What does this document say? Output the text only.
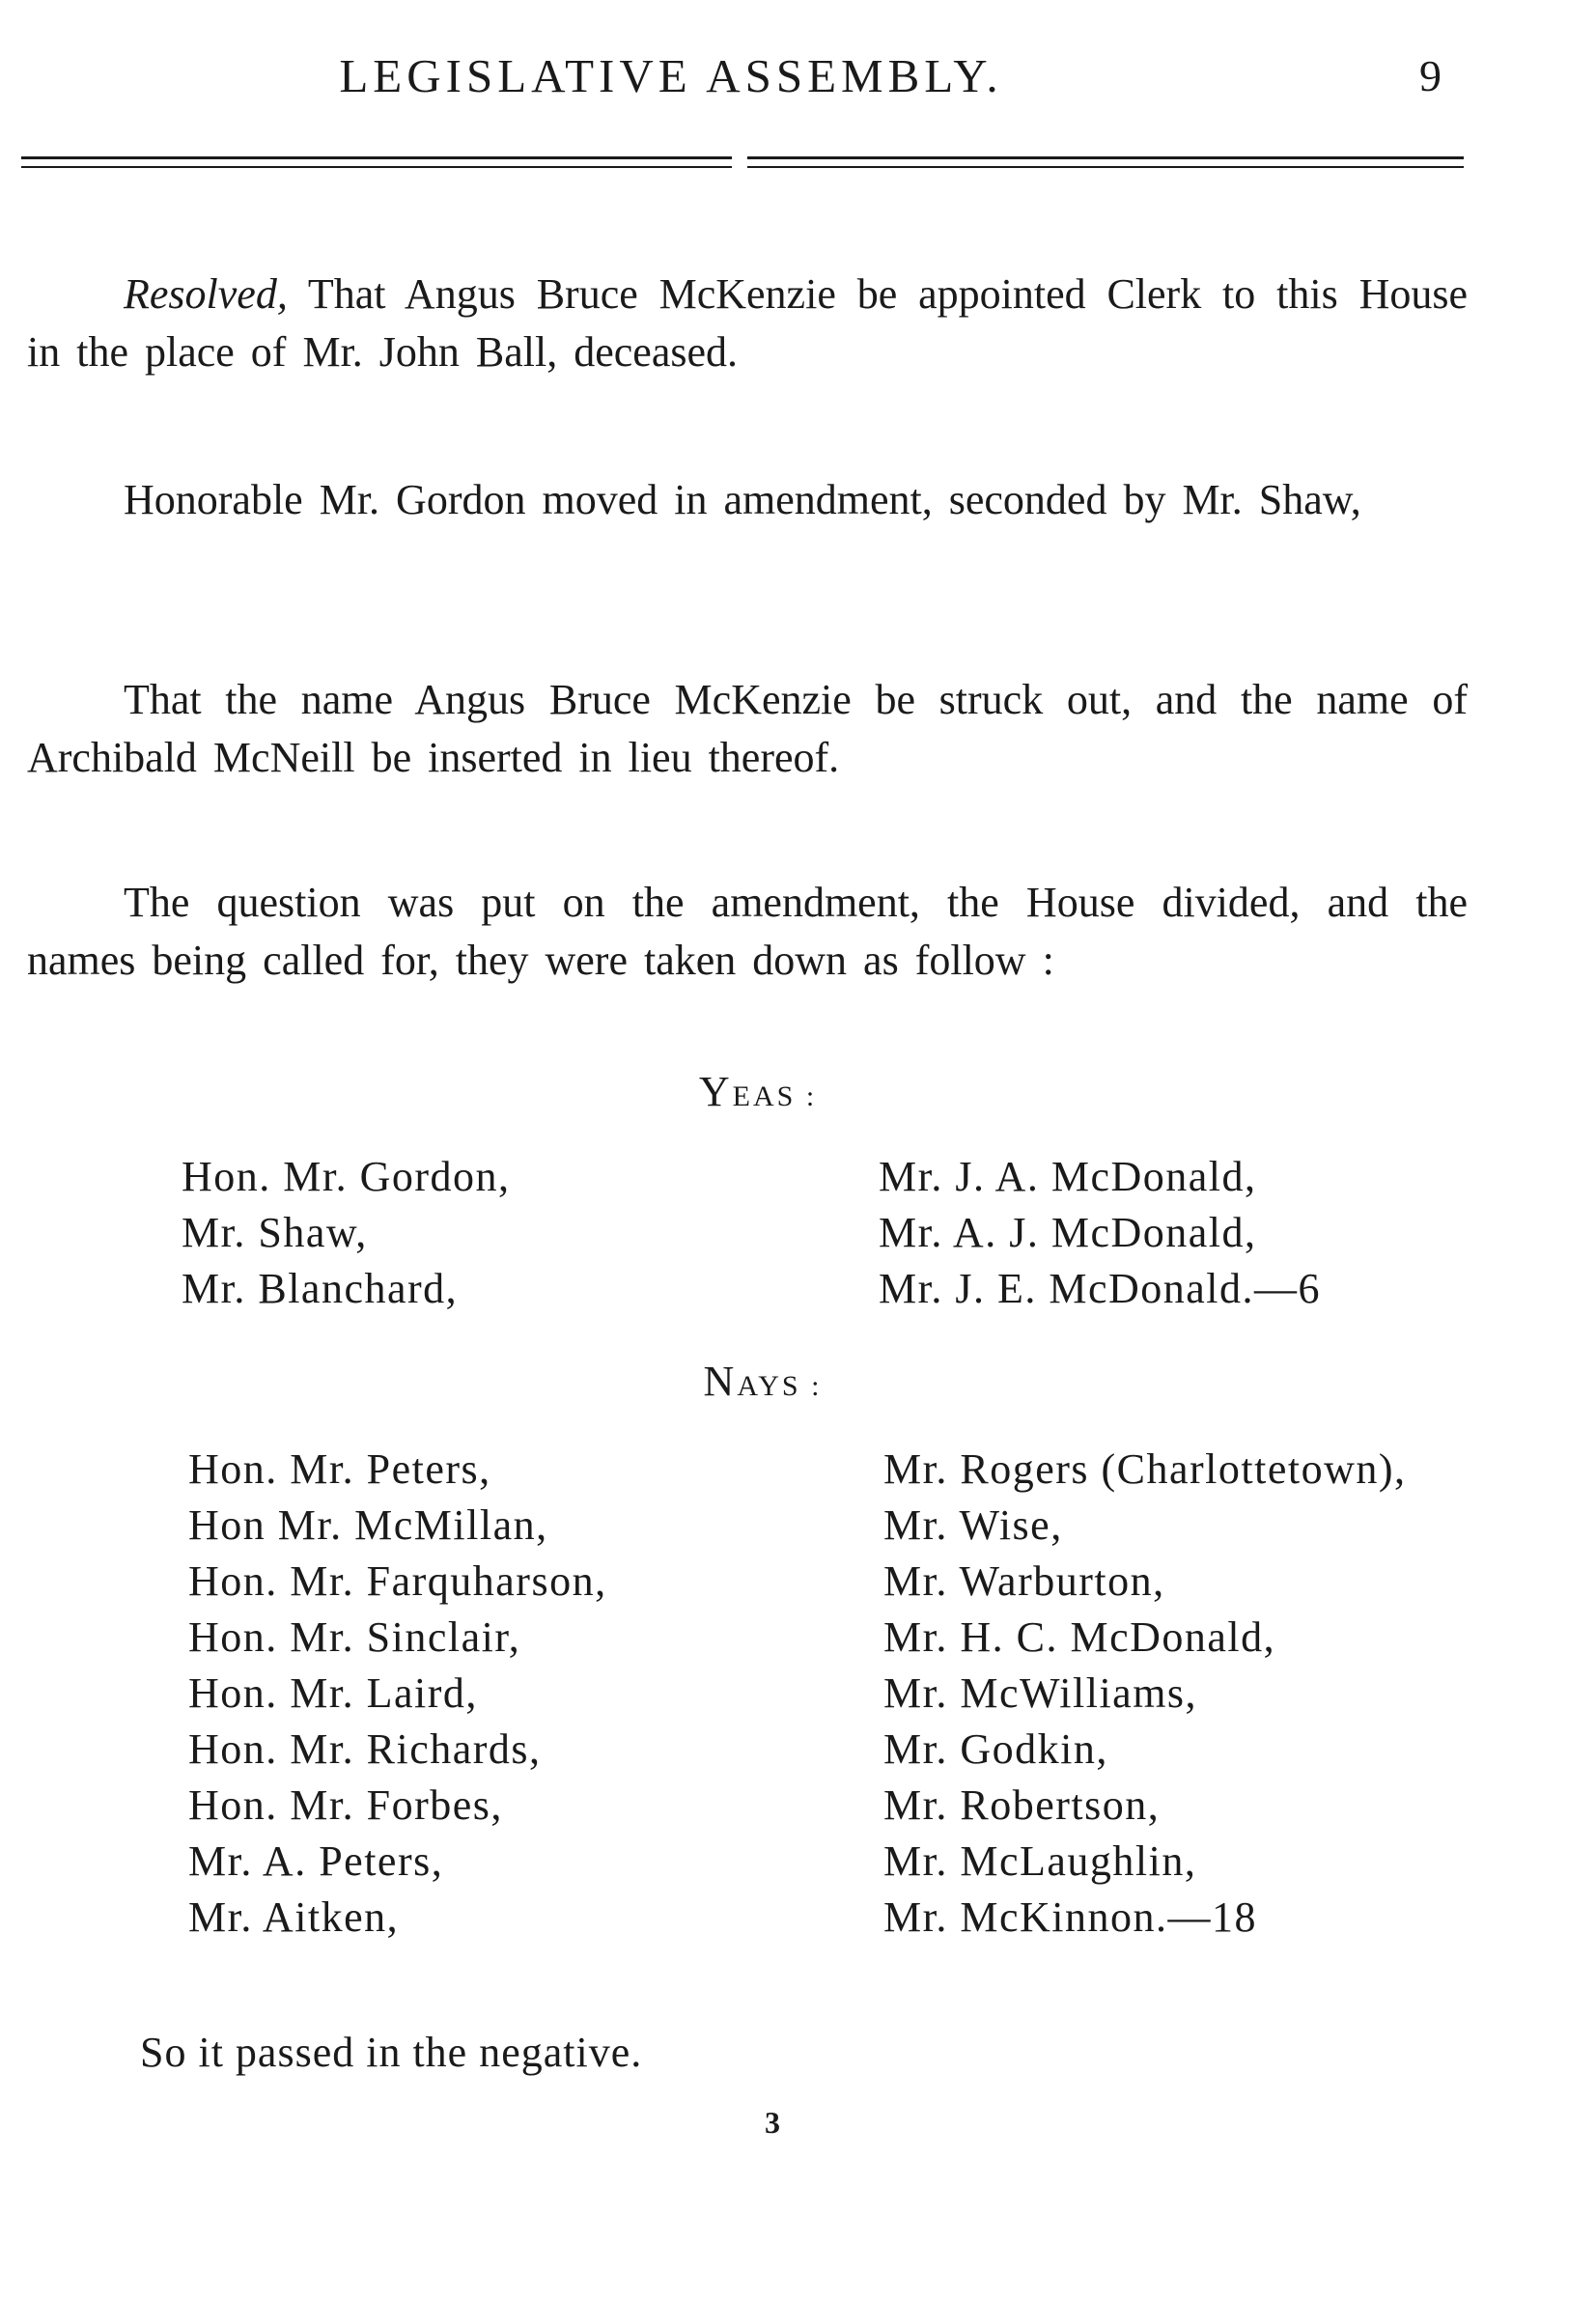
LEGISLATIVE ASSEMBLY.	9
Resolved, That Angus Bruce McKenzie be appointed Clerk to this House in the place of Mr. John Ball, deceased.
Honorable Mr. Gordon moved in amendment, seconded by Mr. Shaw,
That the name Angus Bruce McKenzie be struck out, and the name of Archibald McNeill be inserted in lieu thereof.
The question was put on the amendment, the House divided, and the names being called for, they were taken down as follow :
YEAS :
Hon. Mr. Gordon,
Mr. Shaw,
Mr. Blanchard,
Mr. J. A. McDonald,
Mr. A. J. McDonald,
Mr. J. E. McDonald.—6
NAYS :
Hon. Mr. Peters,
Hon Mr. McMillan,
Hon. Mr. Farquharson,
Hon. Mr. Sinclair,
Hon. Mr. Laird,
Hon. Mr. Richards,
Hon. Mr. Forbes,
Mr. A. Peters,
Mr. Aitken,
Mr. Rogers (Charlottetown),
Mr. Wise,
Mr. Warburton,
Mr. H. C. McDonald,
Mr. McWilliams,
Mr. Godkin,
Mr. Robertson,
Mr. McLaughlin,
Mr. McKinnon.—18
So it passed in the negative.
3
